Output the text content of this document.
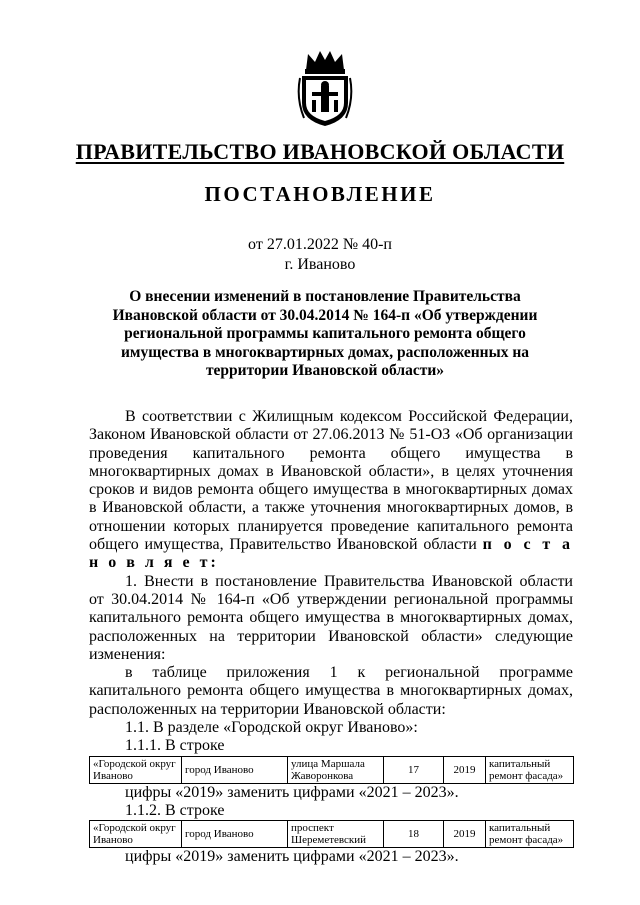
ПРАВИТЕЛЬСТВО ИВАНОВСКОЙ ОБЛАСТИ
ПОСТАНОВЛЕНИЕ
от 27.01.2022 № 40-п
г. Иваново
О внесении изменений в постановление Правительства Ивановской области от 30.04.2014 № 164-п «Об утверждении региональной программы капитального ремонта общего имущества в многоквартирных домах, расположенных на территории Ивановской области»

В соответствии с Жилищным кодексом Российской Федерации, Законом Ивановской области от 27.06.2013 № 51-ОЗ «Об организации проведения капитального ремонта общего имущества в многоквартирных домах в Ивановской области», в целях уточнения сроков и видов ремонта общего имущества в многоквартирных домах в Ивановской области, а также уточнения многоквартирных домов, в отношении которых планируется проведение капитального ремонта общего имущества, Правительство Ивановской области п о с т а н о в л я е т:

1. Внести в постановление Правительства Ивановской области от 30.04.2014 № 164-п «Об утверждении региональной программы капитального ремонта общего имущества в многоквартирных домах, расположенных на территории Ивановской области» следующие изменения:

в таблице приложения 1 к региональной программе капитального ремонта общего имущества в многоквартирных домах, расположенных на территории Ивановской области:

1.1. В разделе «Городской округ Иваново»:

1.1.1. В строке

«Городской округ Иваново	город Иваново	улица Маршала Жаворонкова	17	2019	капитальный ремонт фасада»

цифры «2019» заменить цифрами «2021 – 2023».

1.1.2. В строке

«Городской округ Иваново	город Иваново	проспект Шереметевский	18	2019	капитальный ремонт фасада»

цифры «2019» заменить цифрами «2021 – 2023».
